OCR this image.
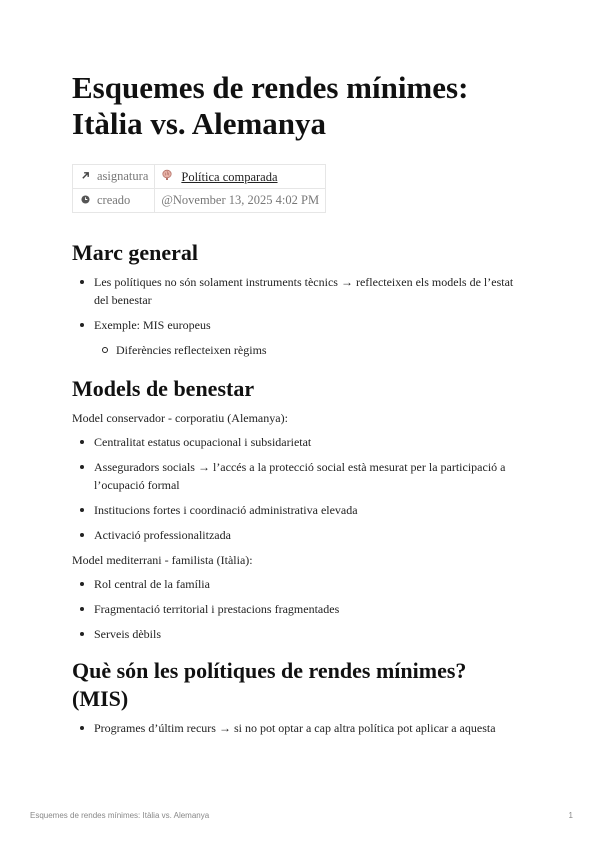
Esquemes de rendes mínimes: Itàlia vs. Alemanya
asignatura	Política comparada
creado	@November 13, 2025 4:02 PM
Marc general
Les polítiques no són solament instruments tècnics → reflecteixen els models de l’estat del benestar
Exemple: MIS europeus
Diferències reflecteixen règims
Models de benestar

Model conservador - corporatiu (Alemanya):

Centralitat estatus ocupacional i subsidarietat
Asseguradors socials → l’accés a la protecció social està mesurat per la participació a l’ocupació formal
Institucions fortes i coordinació administrativa elevada
Activació professionalitzada

Model mediterrani - familista (Itàlia):

Rol central de la família
Fragmentació territorial i prestacions fragmentades
Serveis dèbils
Què són les polítiques de rendes mínimes? (MIS)
Programes d’últim recurs → si no pot optar a cap altra política pot aplicar a aquesta
Esquemes de rendes mínimes: Itàlia vs. Alemanya	1
